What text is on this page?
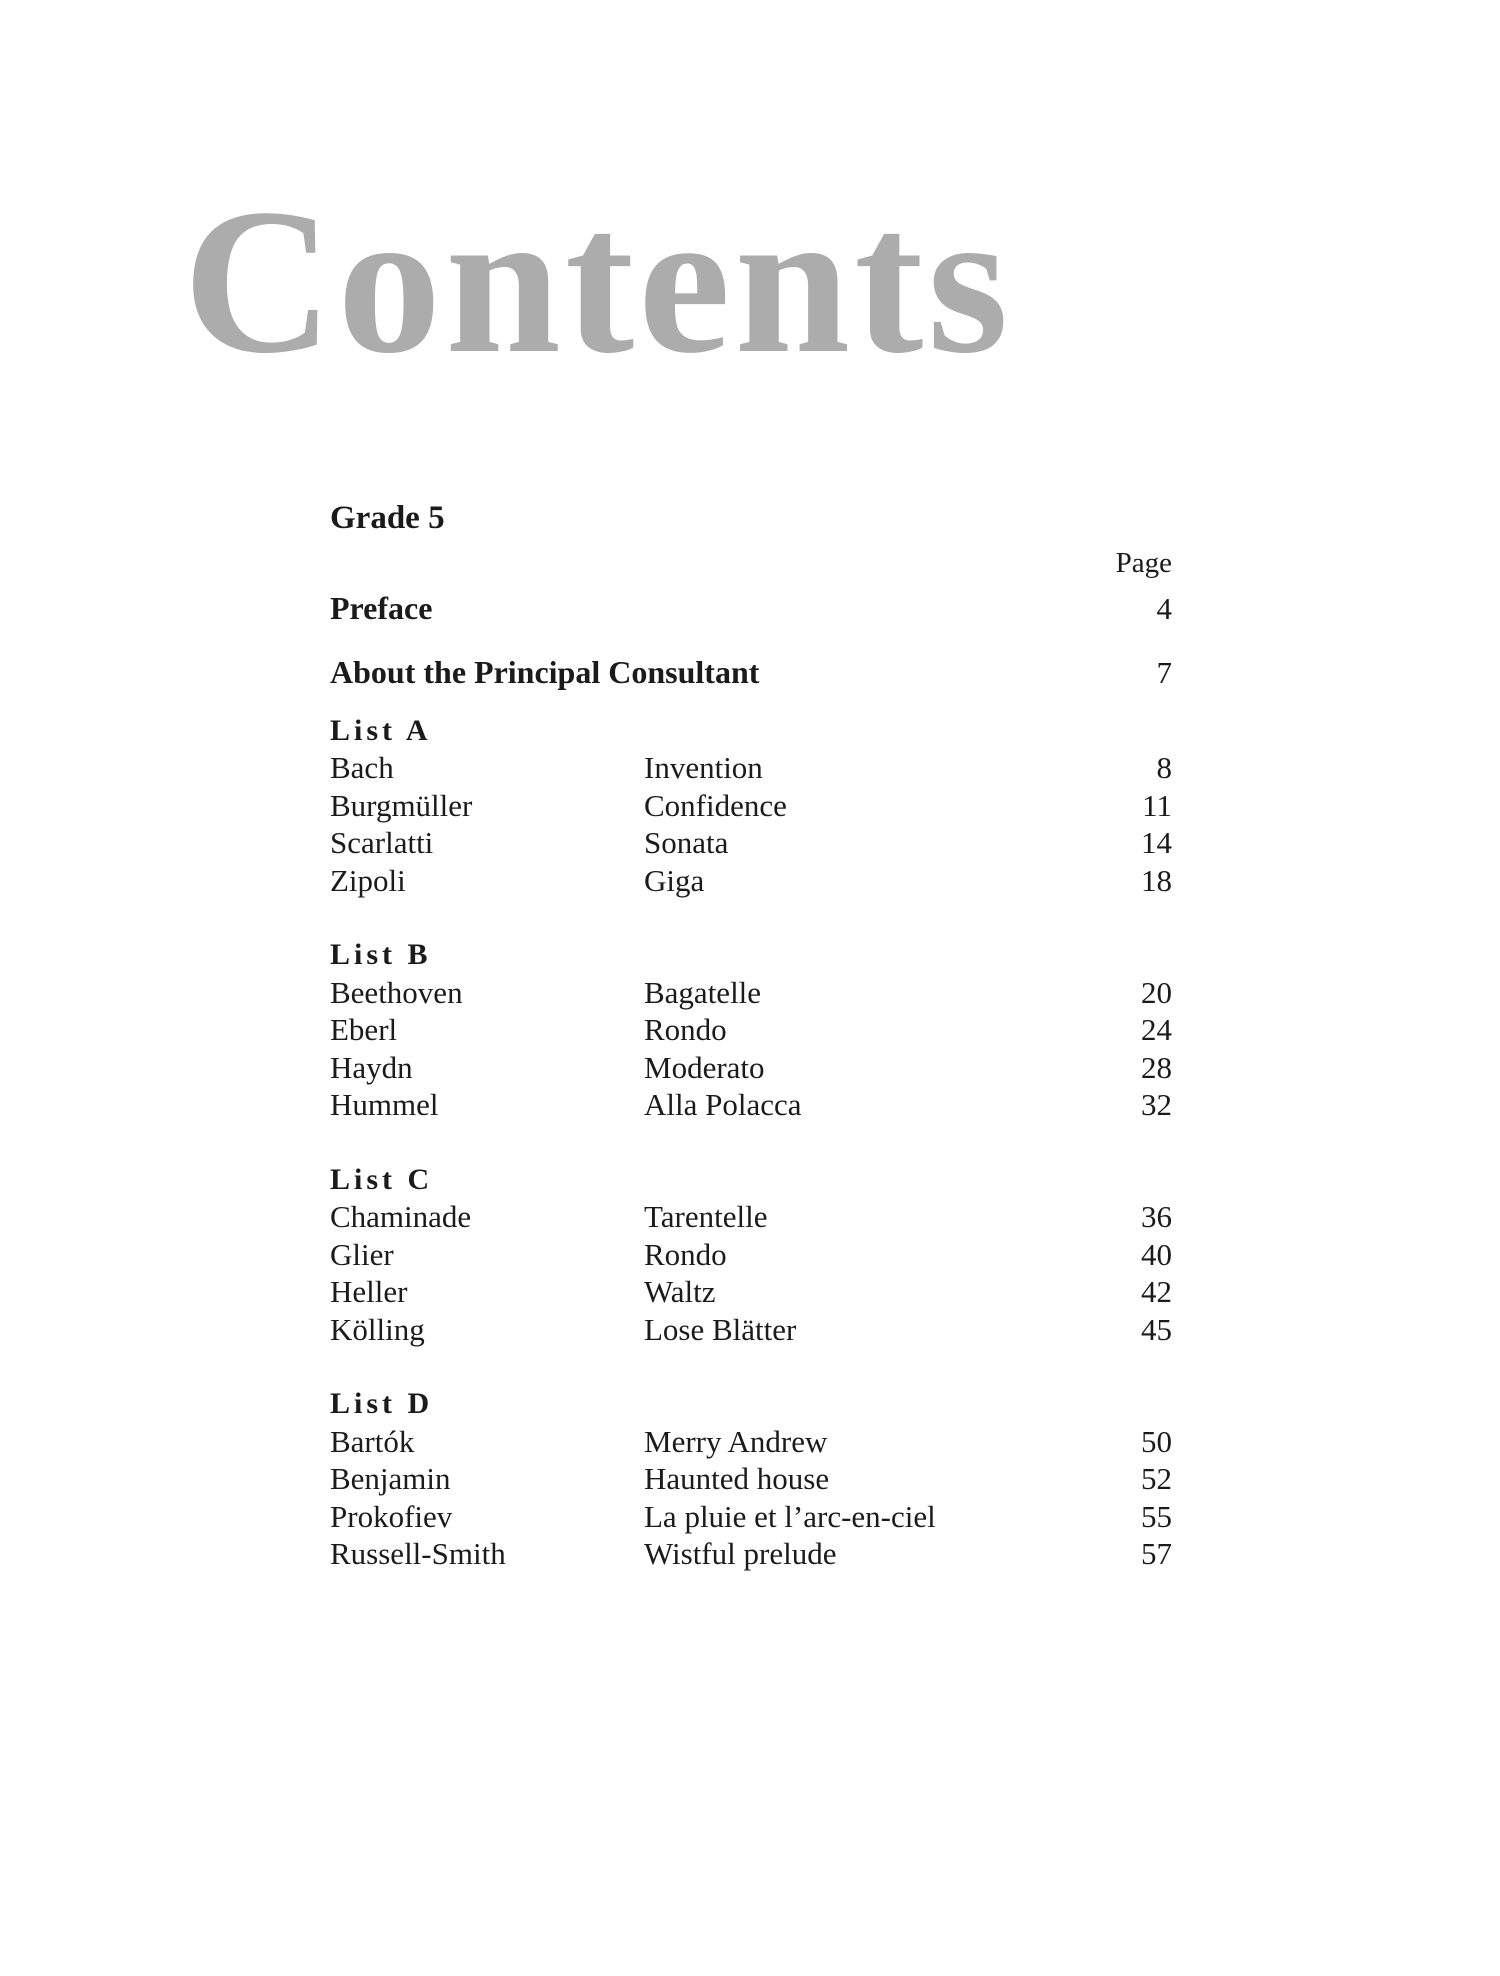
Contents
Grade 5
Page
Preface	4
About the Principal Consultant	7
List A
Bach	Invention	8
Burgmüller	Confidence	11
Scarlatti	Sonata	14
Zipoli	Giga	18
List B
Beethoven	Bagatelle	20
Eberl	Rondo	24
Haydn	Moderato	28
Hummel	Alla Polacca	32
List C
Chaminade	Tarentelle	36
Glier	Rondo	40
Heller	Waltz	42
Kölling	Lose Blätter	45
List D
Bartók	Merry Andrew	50
Benjamin	Haunted house	52
Prokofiev	La pluie et l’arc-en-ciel	55
Russell-Smith	Wistful prelude	57
